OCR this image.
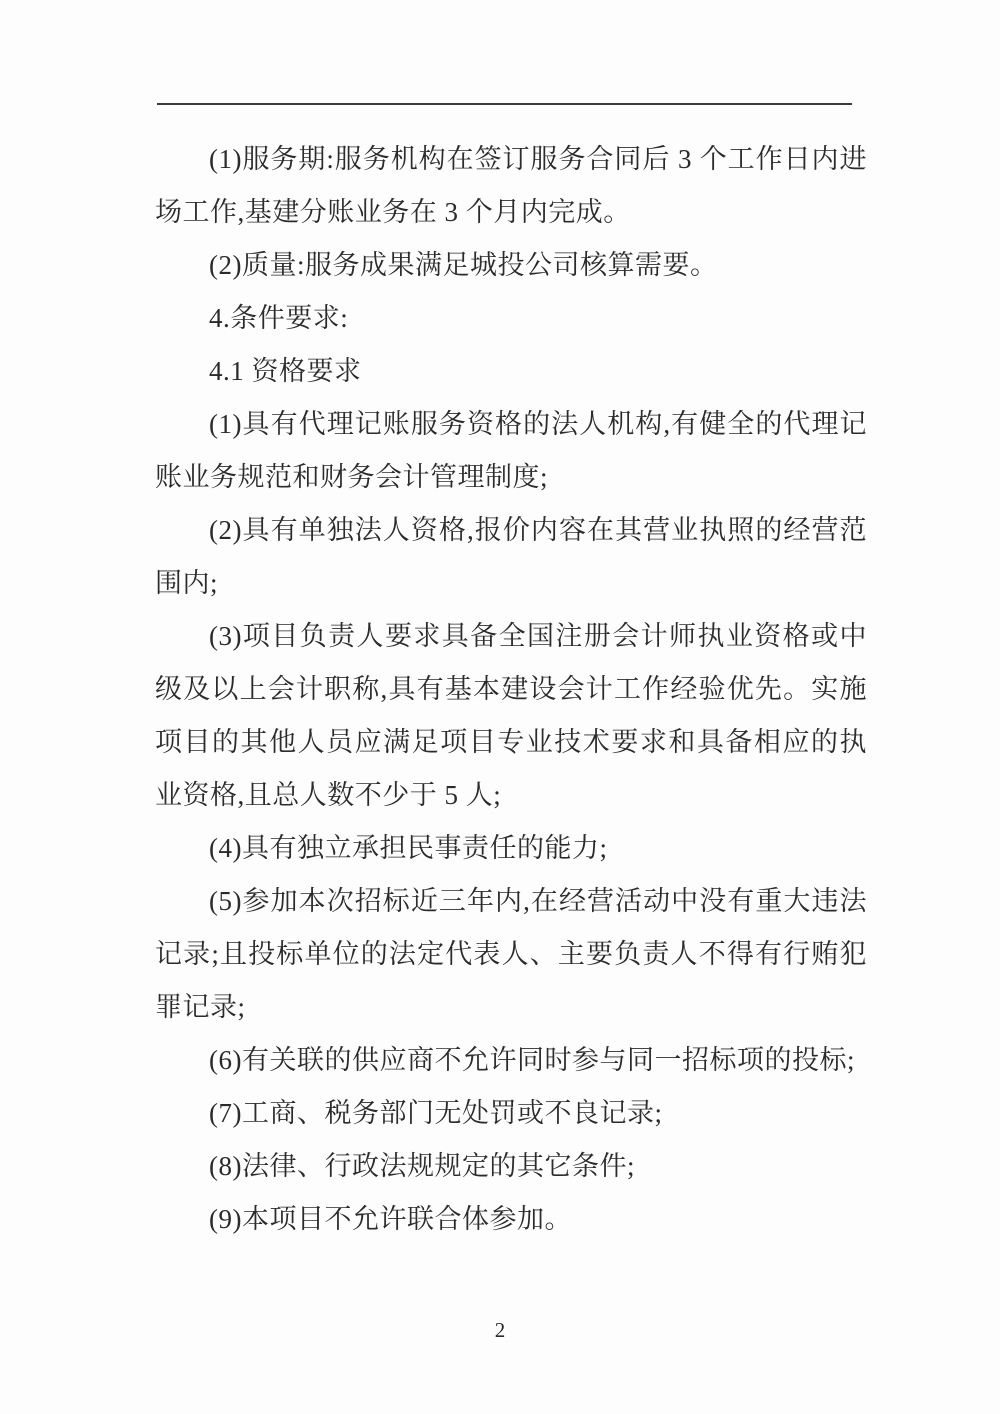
(1)服务期:服务机构在签订服务合同后 3 个工作日内进场工作,基建分账业务在 3 个月内完成。

(2)质量:服务成果满足城投公司核算需要。

4.条件要求:

4.1 资格要求

(1)具有代理记账服务资格的法人机构,有健全的代理记账业务规范和财务会计管理制度;

(2)具有单独法人资格,报价内容在其营业执照的经营范围内;

(3)项目负责人要求具备全国注册会计师执业资格或中级及以上会计职称,具有基本建设会计工作经验优先。实施项目的其他人员应满足项目专业技术要求和具备相应的执业资格,且总人数不少于 5 人;

(4)具有独立承担民事责任的能力;

(5)参加本次招标近三年内,在经营活动中没有重大违法记录;且投标单位的法定代表人、主要负责人不得有行贿犯罪记录;

(6)有关联的供应商不允许同时参与同一招标项的投标;

(7)工商、税务部门无处罚或不良记录;

(8)法律、行政法规规定的其它条件;

(9)本项目不允许联合体参加。

2
